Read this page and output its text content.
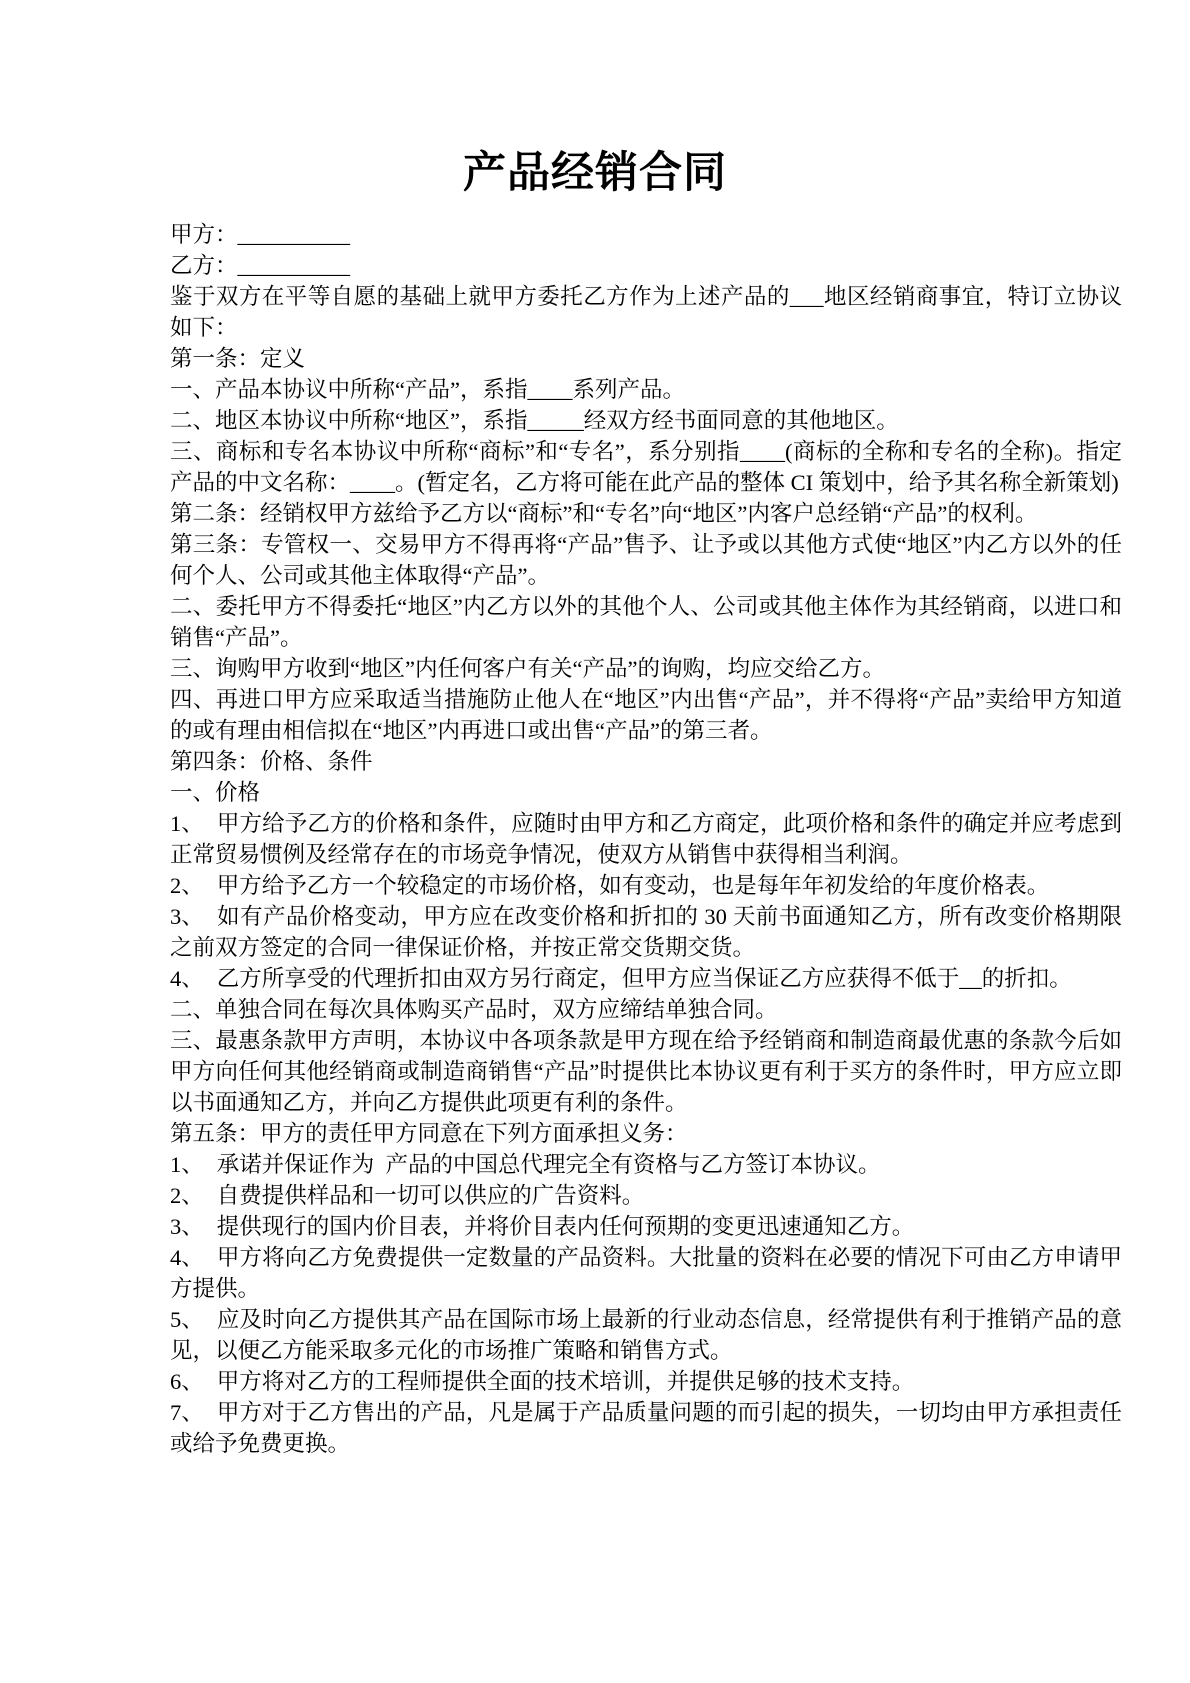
产品经销合同

甲方：__________

乙方：__________

鉴于双方在平等自愿的基础上就甲方委托乙方作为上述产品的___地区经销商事宜，特订立协议如下：

第一条：定义

一、产品本协议中所称“产品”，系指____系列产品。

二、地区本协议中所称“地区”，系指_____经双方经书面同意的其他地区。

三、商标和专名本协议中所称“商标”和“专名”，系分别指____(商标的全称和专名的全称)。指定产品的中文名称：____。(暂定名，乙方将可能在此产品的整体 CI 策划中，给予其名称全新策划)

第二条：经销权甲方兹给予乙方以“商标”和“专名”向“地区”内客户总经销“产品”的权利。

第三条：专管权一、交易甲方不得再将“产品”售予、让予或以其他方式使“地区”内乙方以外的任何个人、公司或其他主体取得“产品”。

二、委托甲方不得委托“地区”内乙方以外的其他个人、公司或其他主体作为其经销商，以进口和销售“产品”。

三、询购甲方收到“地区”内任何客户有关“产品”的询购，均应交给乙方。

四、再进口甲方应采取适当措施防止他人在“地区”内出售“产品”，并不得将“产品”卖给甲方知道的或有理由相信拟在“地区”内再进口或出售“产品”的第三者。

第四条：价格、条件

一、价格

1、 甲方给予乙方的价格和条件，应随时由甲方和乙方商定，此项价格和条件的确定并应考虑到正常贸易惯例及经常存在的市场竞争情况，使双方从销售中获得相当利润。

2、 甲方给予乙方一个较稳定的市场价格，如有变动，也是每年年初发给的年度价格表。

3、 如有产品价格变动，甲方应在改变价格和折扣的 30 天前书面通知乙方，所有改变价格期限之前双方签定的合同一律保证价格，并按正常交货期交货。

4、 乙方所享受的代理折扣由双方另行商定，但甲方应当保证乙方应获得不低于__的折扣。

二、单独合同在每次具体购买产品时，双方应缔结单独合同。

三、最惠条款甲方声明，本协议中各项条款是甲方现在给予经销商和制造商最优惠的条款今后如甲方向任何其他经销商或制造商销售“产品”时提供比本协议更有利于买方的条件时，甲方应立即以书面通知乙方，并向乙方提供此项更有利的条件。

第五条：甲方的责任甲方同意在下列方面承担义务：

1、 承诺并保证作为 产品的中国总代理完全有资格与乙方签订本协议。

2、 自费提供样品和一切可以供应的广告资料。

3、 提供现行的国内价目表，并将价目表内任何预期的变更迅速通知乙方。

4、 甲方将向乙方免费提供一定数量的产品资料。大批量的资料在必要的情况下可由乙方申请甲方提供。

5、 应及时向乙方提供其产品在国际市场上最新的行业动态信息，经常提供有利于推销产品的意见，以便乙方能采取多元化的市场推广策略和销售方式。

6、 甲方将对乙方的工程师提供全面的技术培训，并提供足够的技术支持。

7、 甲方对于乙方售出的产品，凡是属于产品质量问题的而引起的损失，一切均由甲方承担责任或给予免费更换。
